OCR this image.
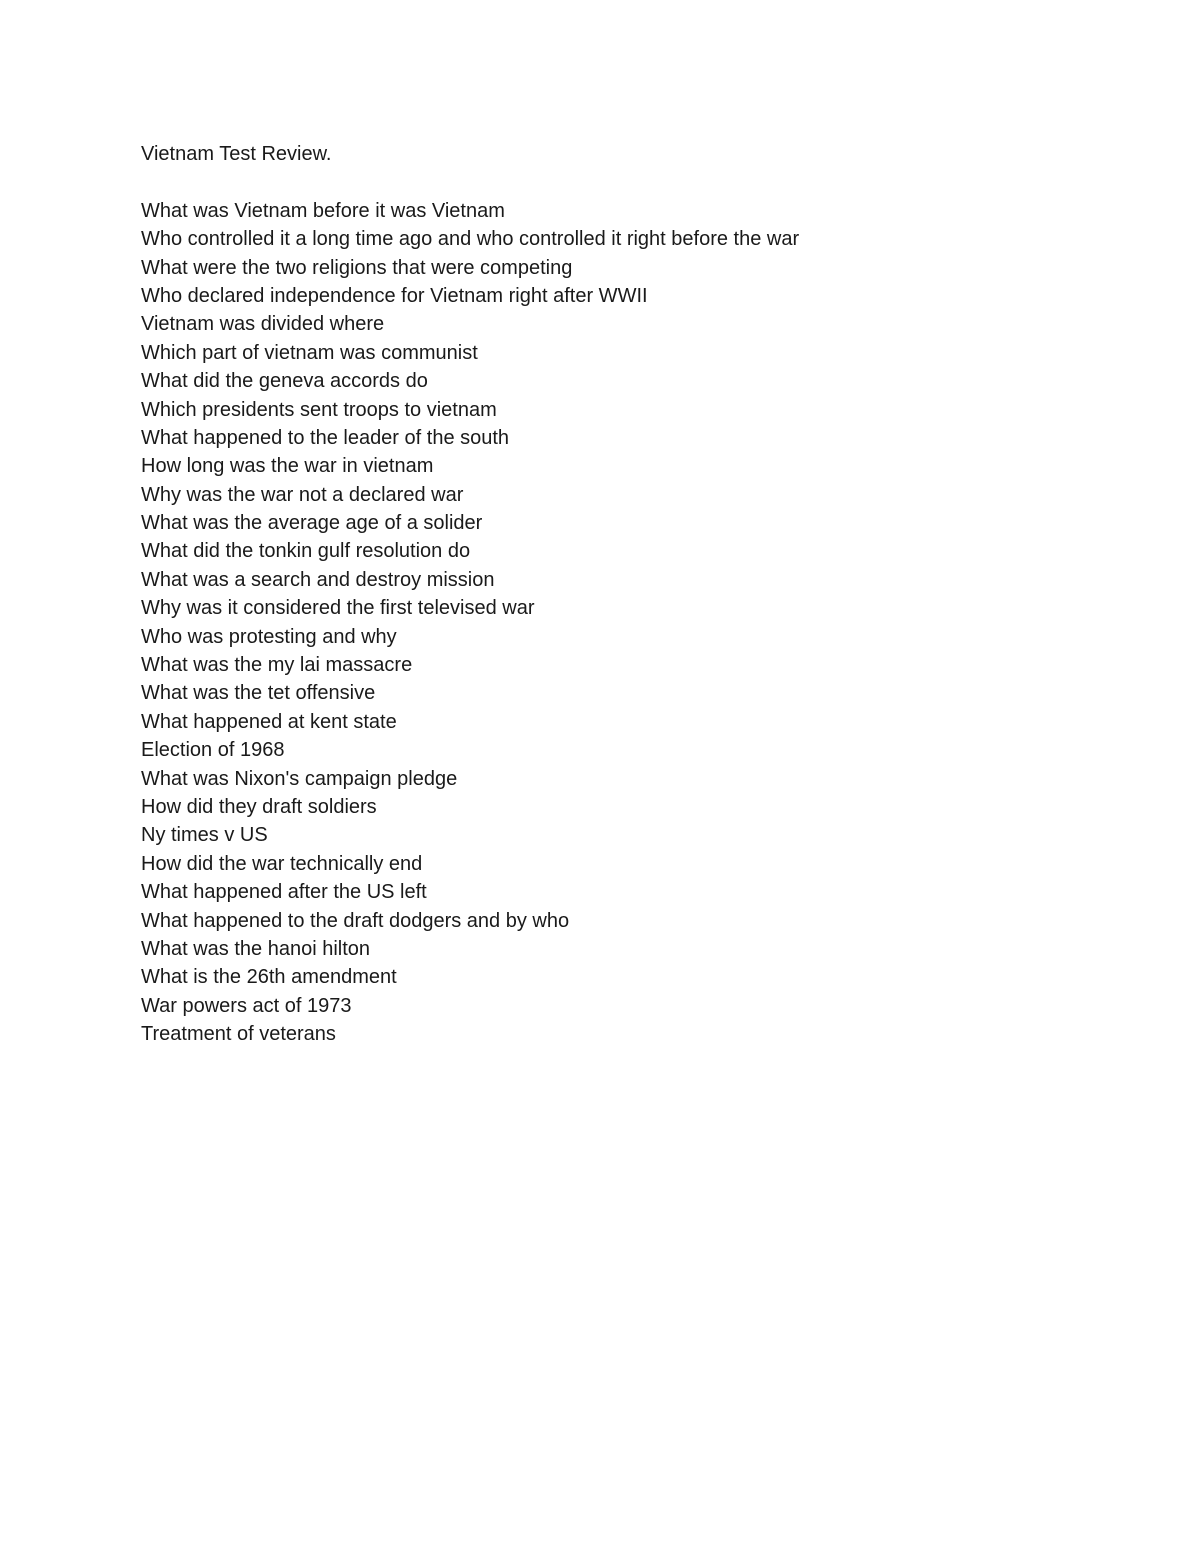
Vietnam Test Review.
What was Vietnam before it was Vietnam
Who controlled it a long time ago and who controlled it right before the war
What were the two religions that were competing
Who declared independence for Vietnam right after WWII
Vietnam was divided where
Which part of vietnam was communist
What did the geneva accords do
Which presidents sent troops to vietnam
What happened to the leader of the south
How long was the war in vietnam
Why was the war not a declared war
What was the average age of a solider
What did the tonkin gulf resolution do
What was a search and destroy mission
Why was it considered the first televised war
Who was protesting and why
What was the my lai massacre
What was the tet offensive
What happened at kent state
Election of 1968
What was Nixon's campaign pledge
How did they draft soldiers
Ny times v US
How did the war technically end
What happened after the US left
What happened to the draft dodgers and by who
What was the hanoi hilton
What is the 26th amendment
War powers act of 1973
Treatment of veterans
